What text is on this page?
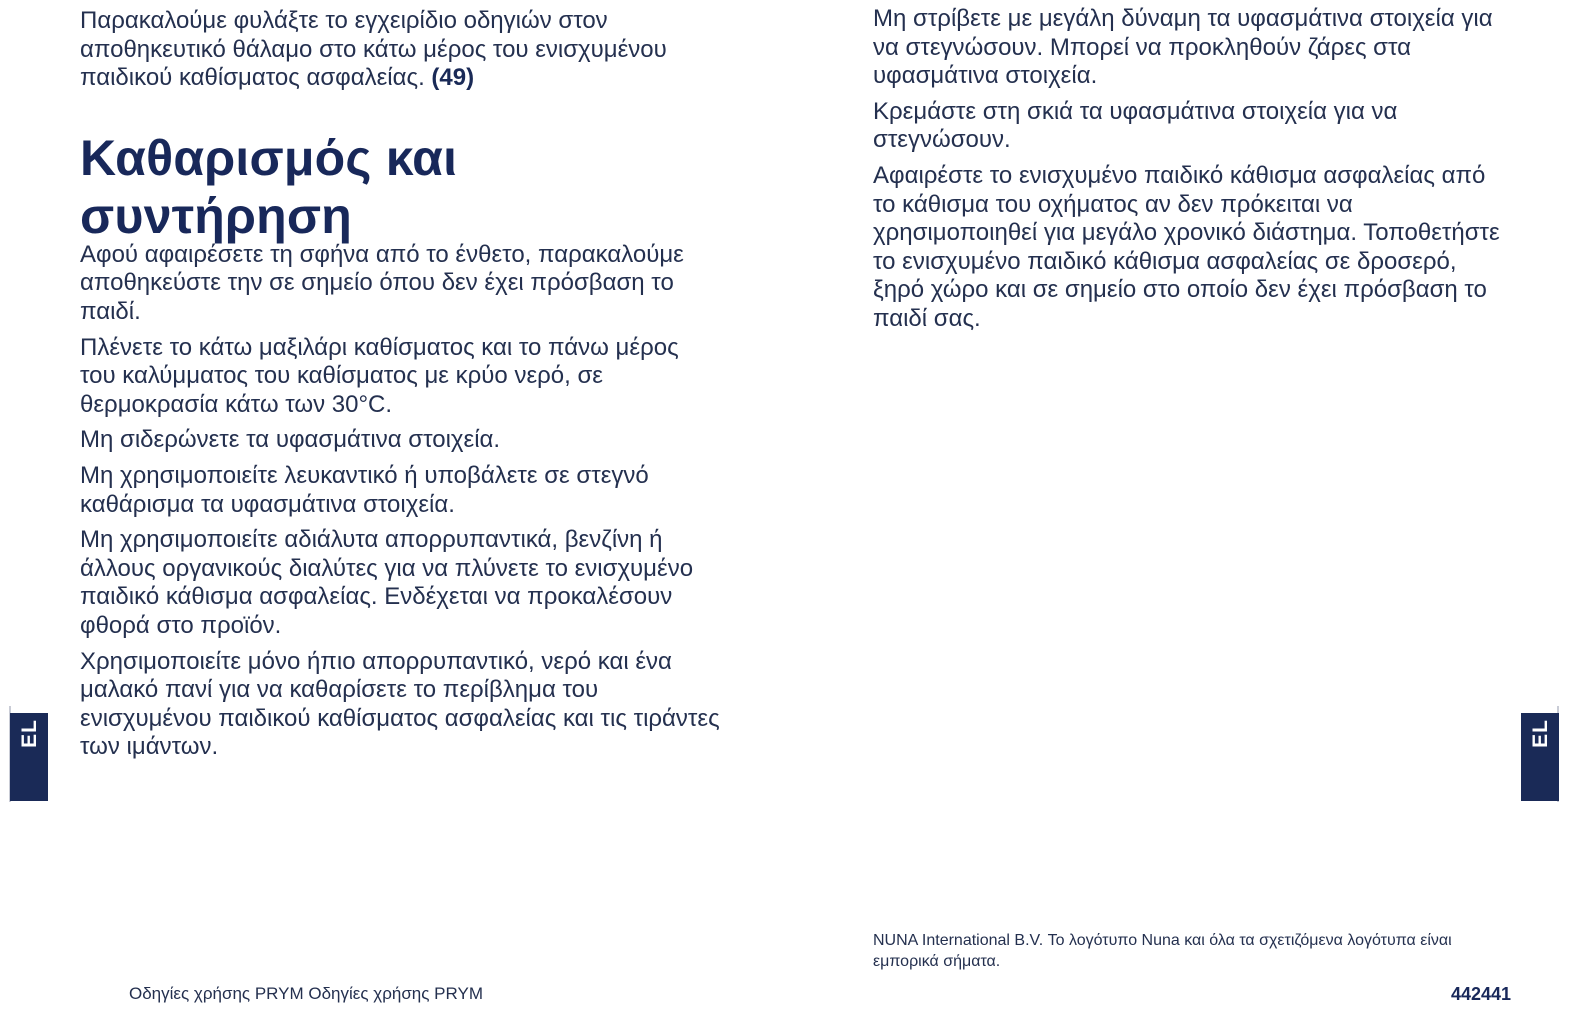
Παρακαλούμε φυλάξτε το εγχειρίδιο οδηγιών στον αποθηκευτικό θάλαμο στο κάτω μέρος του ενισχυμένου παιδικού καθίσματος ασφαλείας. (49)

Καθαρισμός και συντήρηση

Αφού αφαιρέσετε τη σφήνα από το ένθετο, παρακαλούμε αποθηκεύστε την σε σημείο όπου δεν έχει πρόσβαση το παιδί.

Πλένετε το κάτω μαξιλάρι καθίσματος και το πάνω μέρος του καλύμματος του καθίσματος με κρύο νερό, σε θερμοκρασία κάτω των 30°C.

Μη σιδερώνετε τα υφασμάτινα στοιχεία.

Μη χρησιμοποιείτε λευκαντικό ή υποβάλετε σε στεγνό καθάρισμα τα υφασμάτινα στοιχεία.

Μη χρησιμοποιείτε αδιάλυτα απορρυπαντικά, βενζίνη ή άλλους οργανικούς διαλύτες για να πλύνετε το ενισχυμένο παιδικό κάθισμα ασφαλείας. Ενδέχεται να προκαλέσουν φθορά στο προϊόν.

Χρησιμοποιείτε μόνο ήπιο απορρυπαντικό, νερό και ένα μαλακό πανί για να καθαρίσετε το περίβλημα του ενισχυμένου παιδικού καθίσματος ασφαλείας και τις τιράντες των ιμάντων.

Μη στρίβετε με μεγάλη δύναμη τα υφασμάτινα στοιχεία για να στεγνώσουν. Μπορεί να προκληθούν ζάρες στα υφασμάτινα στοιχεία.

Κρεμάστε στη σκιά τα υφασμάτινα στοιχεία για να στεγνώσουν.

Αφαιρέστε το ενισχυμένο παιδικό κάθισμα ασφαλείας από το κάθισμα του οχήματος αν δεν πρόκειται να χρησιμοποιηθεί για μεγάλο χρονικό διάστημα. Τοποθετήστε το ενισχυμένο παιδικό κάθισμα ασφαλείας σε δροσερό, ξηρό χώρο και σε σημείο στο οποίο δεν έχει πρόσβαση το παιδί σας.

EL	EL
Οδηγίες χρήσης PRYM Οδηγίες χρήσης PRYM
NUNA International B.V. Το λογότυπο Nuna και όλα τα σχετιζόμενα λογότυπα είναι εμπορικά σήματα.
442441
